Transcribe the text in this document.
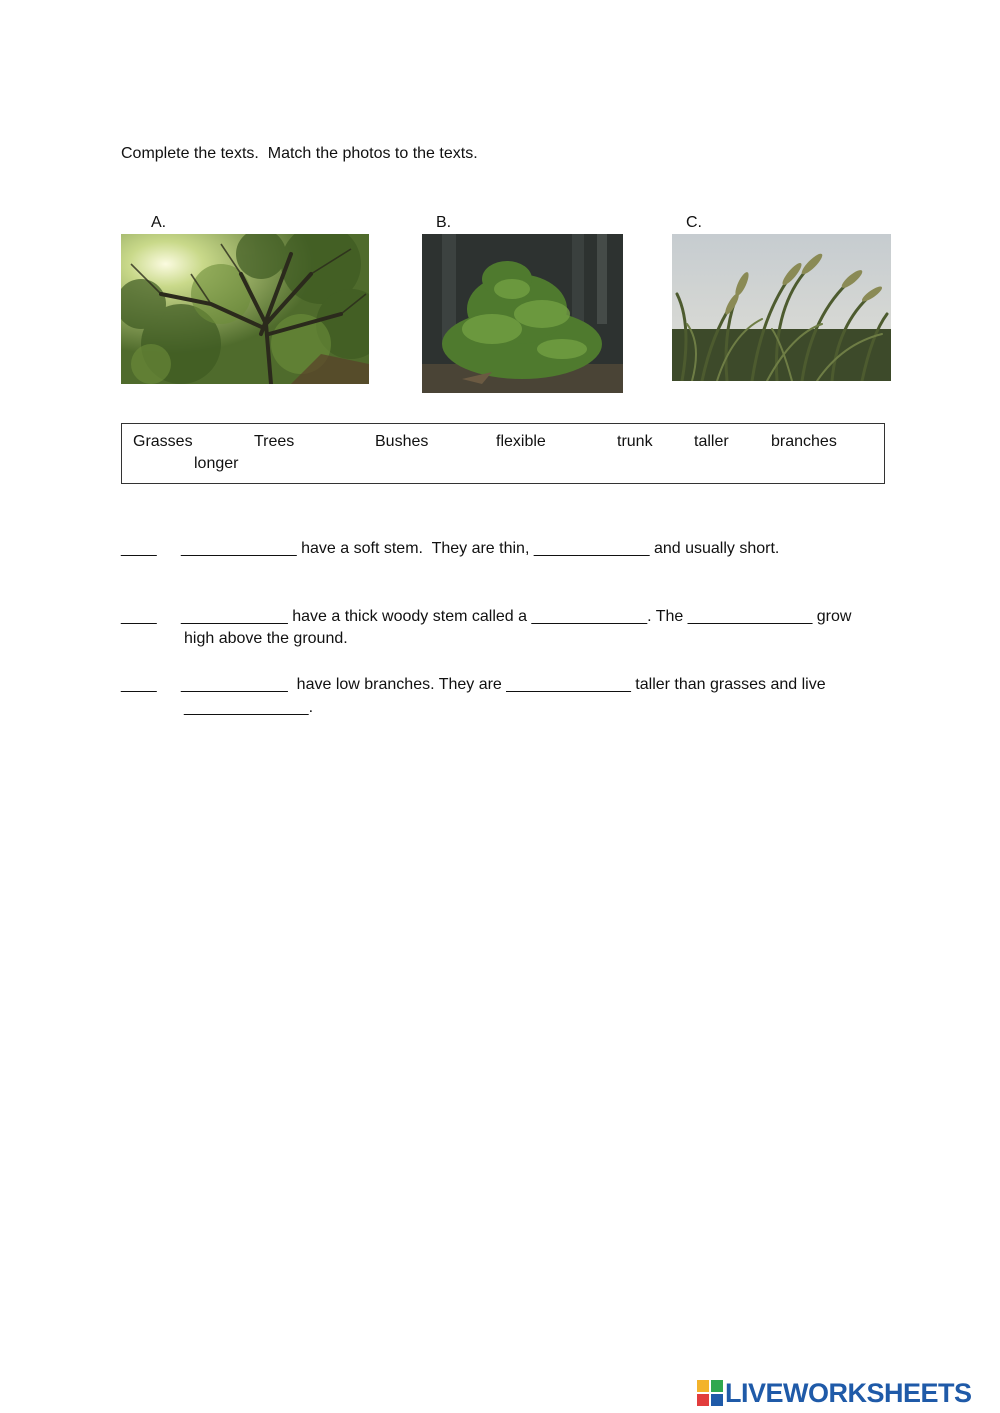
Complete the texts.  Match the photos to the texts.
A.	B.	C.
Grasses	Trees	Bushes	flexible	trunk	taller	branches
longer
____ _____________ have a soft stem.  They are thin, _____________ and usually short.
____ ____________ have a thick woody stem called a _____________. The ______________ grow
high above the ground.
____ ____________  have low branches. They are ______________ taller than grasses and live
______________.
LIVEWORKSHEETS
